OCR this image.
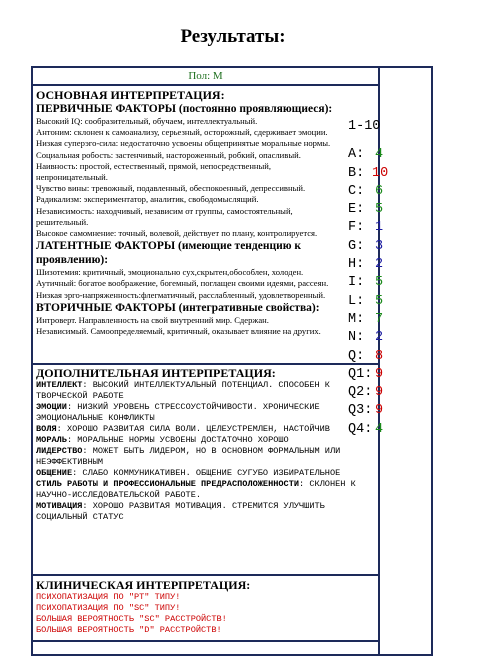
Результаты:
Пол: М
ОСНОВНАЯ ИНТЕРПРЕТАЦИЯ:
ПЕРВИЧНЫЕ ФАКТОРЫ (постоянно проявляющиеся):
Высокий IQ: сообразительный, обучаем, интеллектуальный.
Антоним: склонен к самоанализу, серьезный, осторожный, сдерживает эмоции.
Низкая суперэго-сила: недостаточно усвоены общепринятые моральные нормы.
Социальная робость: застенчивый, настороженный, робкий, опасливый.
Наивность: простой, естественный, прямой, непосредственный,
непроницательный.
Чувство вины: тревожный, подавленный, обеспокоенный, депрессивный.
Радикализм: экспериментатор, аналитик, свободомыслящий.
Независимость: находчивый, независим от группы, самостоятельный,
решительный.
Высокое самомнение: точный, волевой, действует по плану, контролируется.
ЛАТЕНТНЫЕ ФАКТОРЫ (имеющие тенденцию к
проявлению):
Шизотемия: критичный, эмоционально сух,скрытен,обособлен, холоден.
Аутичный: богатое воображение, богемный, поглащен своими идеями, рассеян.
Низкая эрго-напряженность:флегматичный, расслабленный, удовлетворенный.
ВТОРИЧНЫЕ ФАКТОРЫ (интегративные свойства):
Интроверт. Направленность на свой внутренний мир. Сдержан.
Независимый. Самоопределяемый, критичный, оказывает влияние на других.
ДОПОЛНИТЕЛЬНАЯ ИНТЕРПРЕТАЦИЯ:
ИНТЕЛЛЕКТ: ВЫСОКИЙ ИНТЕЛЛЕКТУАЛЬНЫЙ ПОТЕНЦИАЛ. СПОСОБЕН К ТВОРЧЕСКОЙ РАБОТЕ
ЭМОЦИИ: НИЗКИЙ УРОВЕНЬ СТРЕССОУСТОЙЧИВОСТИ. ХРОНИЧЕСКИЕ ЭМОЦИОНАЛЬНЫЕ КОНФЛИКТЫ
ВОЛЯ: ХОРОШО РАЗВИТАЯ СИЛА ВОЛИ. ЦЕЛЕУСТРЕМЛЕН, НАСТОЙЧИВ
МОРАЛЬ: МОРАЛЬНЫЕ НОРМЫ УСВОЕНЫ ДОСТАТОЧНО ХОРОШО
ЛИДЕРСТВО: МОЖЕТ БЫТЬ ЛИДЕРОМ, НО В ОСНОВНОМ ФОРМАЛЬНЫМ ИЛИ НЕЭФФЕКТИВНЫМ
ОБЩЕНИЕ: СЛАБО КОММУНИКАТИВЕН. ОБЩЕНИЕ СУГУБО ИЗБИРАТЕЛЬНОЕ
СТИЛЬ РАБОТЫ И ПРОФЕССИОНАЛЬНЫЕ ПРЕДРАСПОЛОЖЕННОСТИ: СКЛОНЕН К НАУЧНО-ИССЛЕДОВАТЕЛЬСКОЙ РАБОТЕ.
МОТИВАЦИЯ: ХОРОШО РАЗВИТАЯ МОТИВАЦИЯ. СТРЕМИТСЯ УЛУЧШИТЬ СОЦИАЛЬНЫЙ СТАТУС
КЛИНИЧЕСКАЯ ИНТЕРПРЕТАЦИЯ:
ПСИХОПАТИЗАЦИЯ ПО "РТ" ТИПУ!
ПСИХОПАТИЗАЦИЯ ПО "SC" ТИПУ!
БОЛЬШАЯ ВЕРОЯТНОСТЬ "SC" РАССТРОЙСТВ!
БОЛЬШАЯ ВЕРОЯТНОСТЬ "D" РАССТРОЙСТВ!
1-10
A: 4
B: 10
C: 6
E: 5
F: 1
G: 3
H: 2
I: 5
L: 5
M: 7
N: 2
Q: 8
Q1: 9
Q2: 9
Q3: 9
Q4: 4
